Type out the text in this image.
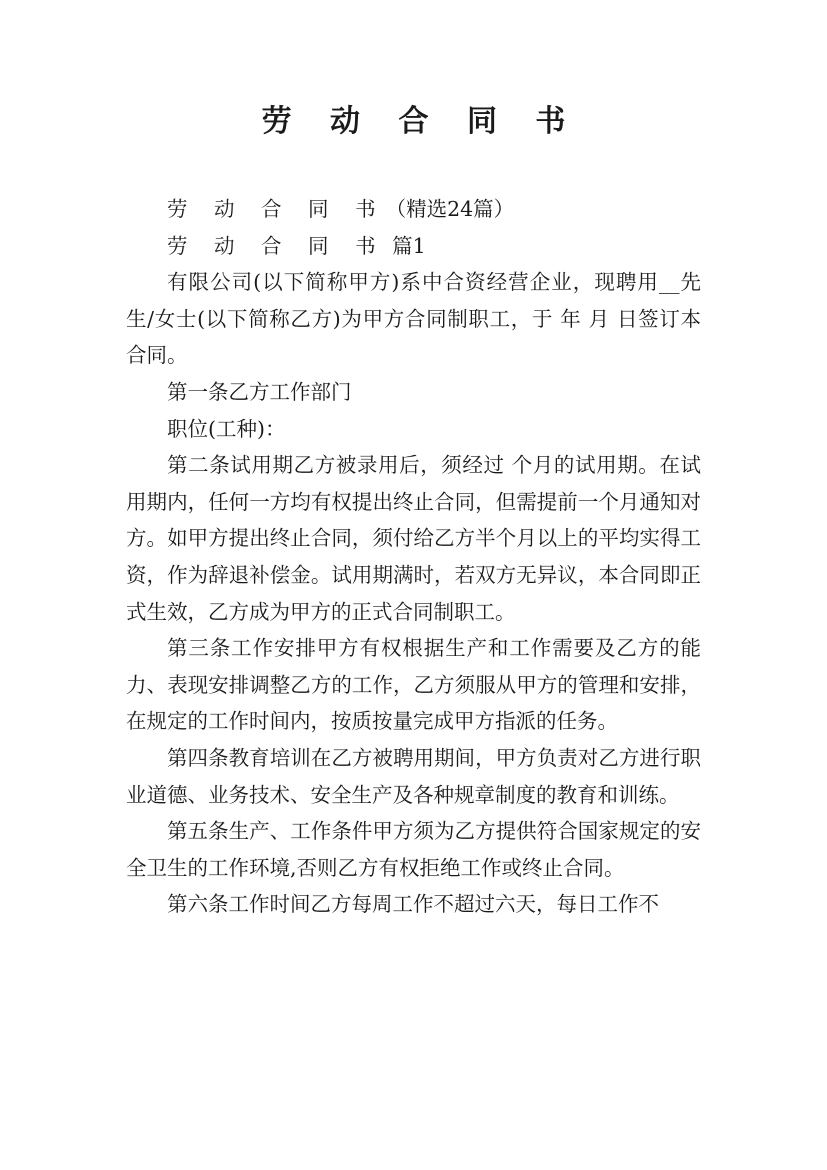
劳 动 合 同 书

劳 动 合 同 书（精选24篇）

劳 动 合 同 书 篇1

有限公司(以下简称甲方)系中合资经营企业，现聘用__先生/女士(以下简称乙方)为甲方合同制职工，于 年 月 日签订本合同。

第一条乙方工作部门

职位(工种)：

第二条试用期乙方被录用后，须经过 个月的试用期。在试用期内，任何一方均有权提出终止合同，但需提前一个月通知对方。如甲方提出终止合同，须付给乙方半个月以上的平均实得工资，作为辞退补偿金。试用期满时，若双方无异议，本合同即正式生效，乙方成为甲方的正式合同制职工。

第三条工作安排甲方有权根据生产和工作需要及乙方的能力、表现安排调整乙方的工作，乙方须服从甲方的管理和安排，在规定的工作时间内，按质按量完成甲方指派的任务。

第四条教育培训在乙方被聘用期间，甲方负责对乙方进行职业道德、业务技术、安全生产及各种规章制度的教育和训练。

第五条生产、工作条件甲方须为乙方提供符合国家规定的安全卫生的工作环境,否则乙方有权拒绝工作或终止合同。

第六条工作时间乙方每周工作不超过六天，每日工作不
